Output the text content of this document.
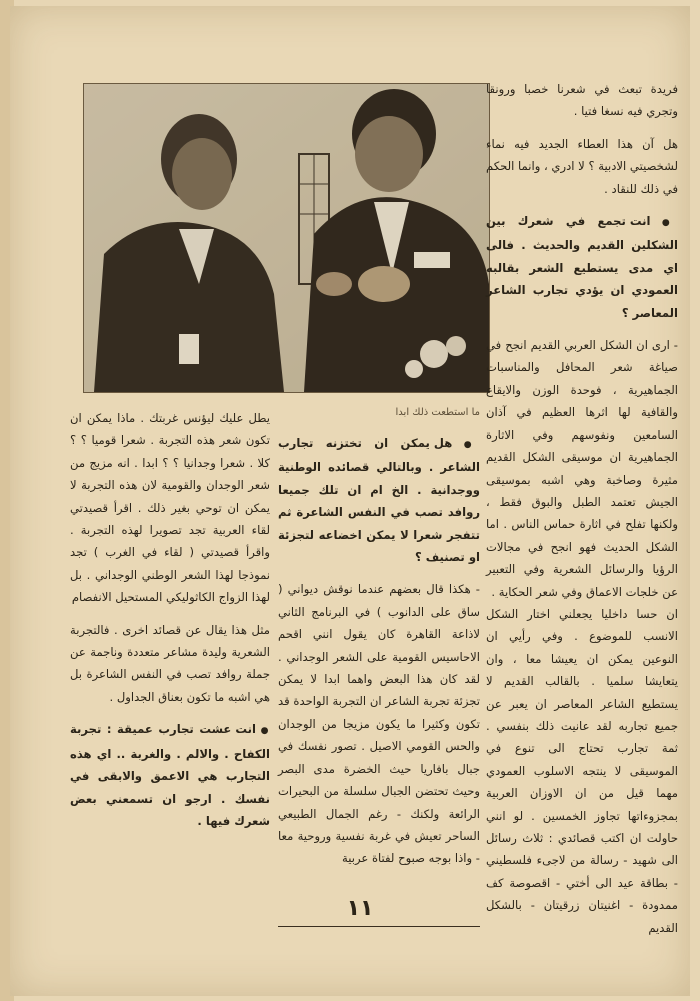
ما استطعت ذلك ابدا

فريدة تبعث في شعرنا خصبا ورونقا وتجري فيه نسغا فتيا .

هل آن هذا العطاء الجديد فيه نماء لشخصيتي الادبية ؟ لا ادري ، وانما الحكم في ذلك للنقاد .

● انت تجمع في شعرك بين الشكلين القديم والحديث . فالى اي مدى يستطيع الشعر بقالبه العمودي ان يؤدي تجارب الشاعر المعاصر ؟

- ارى ان الشكل العربي القديم انجح في صياغة شعر المحافل والمناسبات الجماهيرية ، فوحدة الوزن والايقاع والقافية لها اثرها العظيم في آذان السامعين ونفوسهم وفي الاثارة الجماهيرية ان موسيقى الشكل القديم مثيرة وصاخبة وهي اشبه بموسيقى الجيش تعتمد الطبل والبوق فقط ، ولكنها تفلح في اثارة حماس الناس . اما الشكل الحديث فهو انجح في مجالات الرؤيا والرسائل الشعرية وفي التعبير عن خلجات الاعماق وفي شعر الحكاية .

ان حسا داخليا يجعلني اختار الشكل الانسب للموضوع . وفي رأيي ان النوعين يمكن ان يعيشا معا ، وان يتعايشا سلميا . بالقالب القديم لا يستطيع الشاعر المعاصر ان يعبر عن جميع تجاربه لقد عانيت ذلك بنفسي . ثمة تجارب تحتاج الى تنوع في الموسيقى لا ينتجه الاسلوب العمودي مهما قيل من ان الاوزان العربية بمجزوءاتها تجاوز الخمسين . لو انني حاولت ان اكتب قصائدي : ثلاث رسائل الى شهيد - رسالة من لاجىء فلسطيني - بطاقة عيد الى أختي - اقصوصة كف ممدودة - اغنيتان زرقيتان - بالشكل القديم

● هل يمكن ان تختزنه تجارب الشاعر . وبالتالي قصائده الوطنية ووجدانية . الخ ام ان تلك جميعا روافد تصب في النفس الشاعرة ثم تتفجر شعرا لا يمكن اخضاعه لتجزئة او تصنيف ؟

- هكذا قال بعضهم عندما نوقش ديواني ( ساق على الدانوب ) في البرنامج الثاني لاذاعة القاهرة كان يقول انني اقحم الاحاسيس القومية على الشعر الوجداني . لقد كان هذا البعض واهما ابدا لا يمكن تجزئة تجربة الشاعر ان التجربة الواحدة قد تكون وكثيرا ما يكون مزيجا من الوجدان والحس القومي الاصيل . تصور نفسك في جبال بافاريا حيث الخضرة مدى البصر وحيث تحتضن الجبال سلسلة من البحيرات الرائعة ولكنك - رغم الجمال الطبيعي الساحر تعيش في غربة نفسية وروحية معا - واذا بوجه صبوح لفتاة عربية

يطل عليك ليؤنس غربتك . ماذا يمكن ان تكون شعر هذه التجربة . شعرا قوميا ؟ ؟ كلا . شعرا وجدانيا ؟ ؟ ابدا . انه مزيج من شعر الوجدان والقومية لان هذه التجربة لا يمكن ان توحي بغير ذلك . اقرأ قصيدتي لقاء العربية تجد تصويرا لهذه التجربة . واقرأ قصيدتي ( لقاء في الغرب ) تجد نموذجا لهذا الشعر الوطني الوجداني . بل لهذا الزواج الكاثوليكي المستحيل الانفصام

مثل هذا يقال عن قصائد اخرى . فالتجربة الشعرية وليدة مشاعر متعددة وناجمة عن جملة روافد تصب في النفس الشاعرة بل هي اشبه ما تكون بعناق الجداول .

● انت عشت تجارب عميقة : تجربة الكفاح . والالم . والغربة .. اي هذه التجارب هي الاعمق والابقى في نفسك . ارجو ان تسمعني بعض شعرك فيها .

١١
